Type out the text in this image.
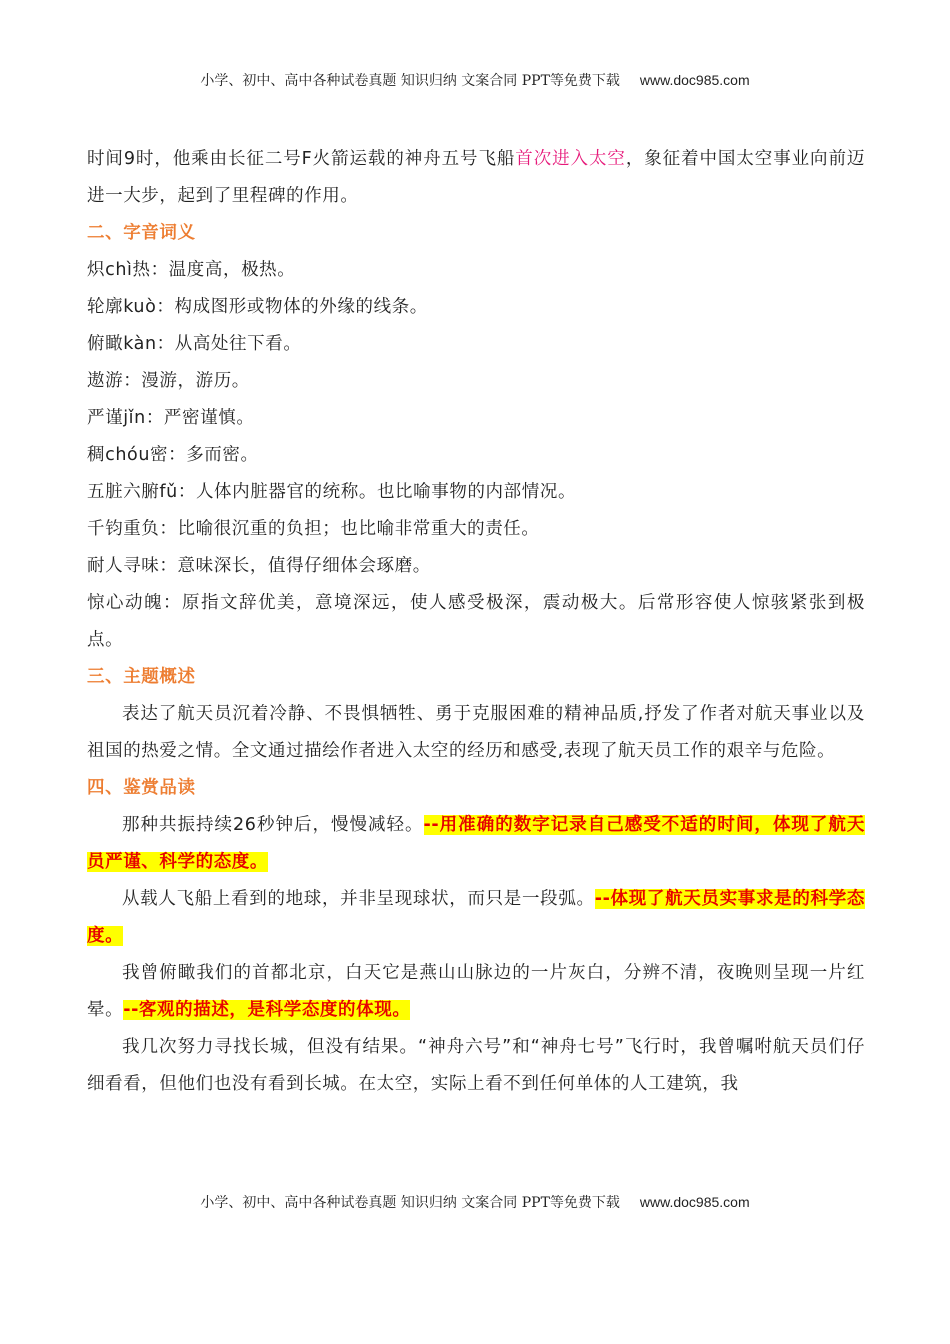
小学、初中、高中各种试卷真题 知识归纳 文案合同 PPT等免费下载 www.doc985.com

时间9时，他乘由长征二号F火箭运载的神舟五号飞船首次进入太空，象征着中国太空事业向前迈进一大步，起到了里程碑的作用。

二、字音词义

炽chì热：温度高，极热。

轮廓kuò：构成图形或物体的外缘的线条。

俯瞰kàn：从高处往下看。

遨游：漫游，游历。

严谨jǐn：严密谨慎。

稠chóu密：多而密。

五脏六腑fǔ：人体内脏器官的统称。也比喻事物的内部情况。

千钧重负：比喻很沉重的负担；也比喻非常重大的责任。

耐人寻味：意味深长，值得仔细体会琢磨。

惊心动魄：原指文辞优美，意境深远，使人感受极深，震动极大。后常形容使人惊骇紧张到极点。

三、主题概述

表达了航天员沉着冷静、不畏惧牺牲、勇于克服困难的精神品质,抒发了作者对航天事业以及祖国的热爱之情。全文通过描绘作者进入太空的经历和感受,表现了航天员工作的艰辛与危险。

四、鉴赏品读

那种共振持续26秒钟后，慢慢减轻。--用准确的数字记录自己感受不适的时间，体现了航天员严谨、科学的态度。

从载人飞船上看到的地球，并非呈现球状，而只是一段弧。--体现了航天员实事求是的科学态度。

我曾俯瞰我们的首都北京，白天它是燕山山脉边的一片灰白，分辨不清，夜晚则呈现一片红晕。--客观的描述，是科学态度的体现。

我几次努力寻找长城，但没有结果。“神舟六号”和“神舟七号”飞行时，我曾嘱咐航天员们仔细看看，但他们也没有看到长城。在太空，实际上看不到任何单体的人工建筑，我

小学、初中、高中各种试卷真题 知识归纳 文案合同 PPT等免费下载 www.doc985.com
